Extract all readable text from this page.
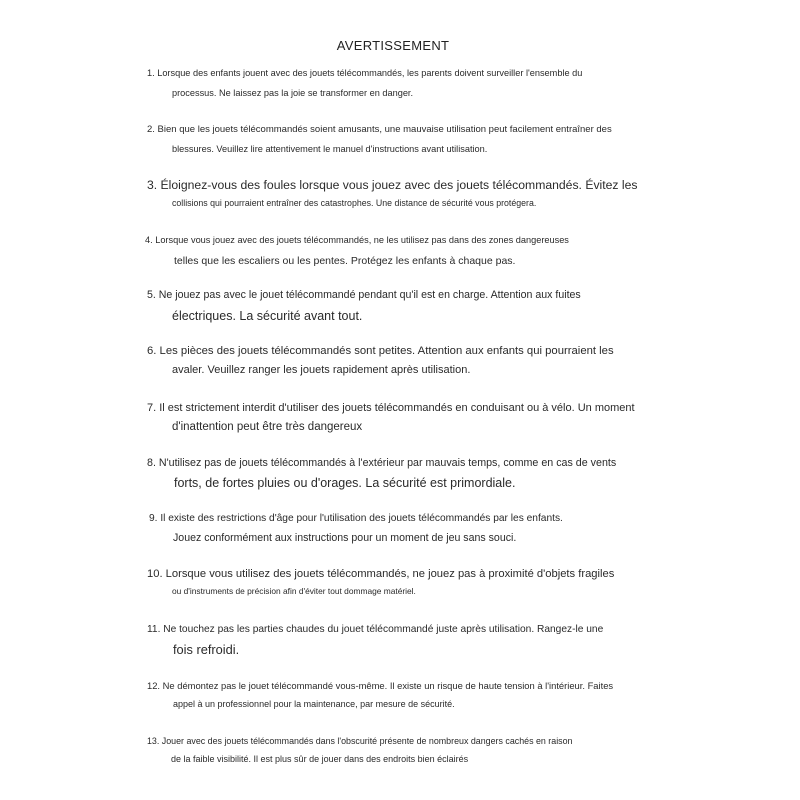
AVERTISSEMENT
1. Lorsque des enfants jouent avec des jouets télécommandés, les parents doivent surveiller l'ensemble du
processus. Ne laissez pas la joie se transformer en danger.
2. Bien que les jouets télécommandés soient amusants, une mauvaise utilisation peut facilement entraîner des
blessures. Veuillez lire attentivement le manuel d'instructions avant utilisation.
3. Éloignez-vous des foules lorsque vous jouez avec des jouets télécommandés. Évitez les
collisions qui pourraient entraîner des catastrophes. Une distance de sécurité vous protégera.
4. Lorsque vous jouez avec des jouets télécommandés, ne les utilisez pas dans des zones dangereuses
telles que les escaliers ou les pentes. Protégez les enfants à chaque pas.
5. Ne jouez pas avec le jouet télécommandé pendant qu'il est en charge. Attention aux fuites
électriques. La sécurité avant tout.
6. Les pièces des jouets télécommandés sont petites. Attention aux enfants qui pourraient les
avaler. Veuillez ranger les jouets rapidement après utilisation.
7. Il est strictement interdit d'utiliser des jouets télécommandés en conduisant ou à vélo. Un moment
d'inattention peut être très dangereux
8. N'utilisez pas de jouets télécommandés à l'extérieur par mauvais temps, comme en cas de vents
forts, de fortes pluies ou d'orages. La sécurité est primordiale.
9. Il existe des restrictions d'âge pour l'utilisation des jouets télécommandés par les enfants.
Jouez conformément aux instructions pour un moment de jeu sans souci.
10. Lorsque vous utilisez des jouets télécommandés, ne jouez pas à proximité d'objets fragiles
ou d'instruments de précision afin d'éviter tout dommage matériel.
11. Ne touchez pas les parties chaudes du jouet télécommandé juste après utilisation. Rangez-le une
fois refroidi.
12. Ne démontez pas le jouet télécommandé vous-même. Il existe un risque de haute tension à l'intérieur. Faites
appel à un professionnel pour la maintenance, par mesure de sécurité.
13. Jouer avec des jouets télécommandés dans l'obscurité présente de nombreux dangers cachés en raison
de la faible visibilité. Il est plus sûr de jouer dans des endroits bien éclairés
